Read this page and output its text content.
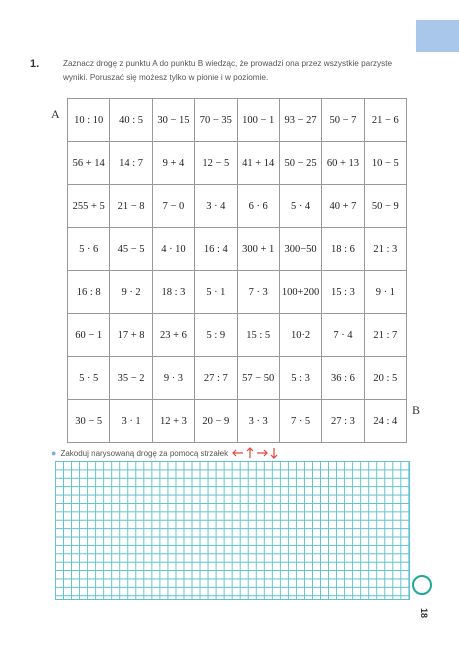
1.	Zaznacz drogę z punktu A do punktu B wiedząc, że prowadzi ona przez wszystkie parzyste wyniki. Poruszać się możesz tylko w pionie i w poziomie.
A
B
10 : 10	40 : 5	30 − 15	70 − 35	100 − 1	93 − 27	50 − 7	21 − 6
56 + 14	14 : 7	9 + 4	12 − 5	41 + 14	50 − 25	60 + 13	10 − 5
255 + 5	21 − 8	7 − 0	3 · 4	6 · 6	5 · 4	40 + 7	50 − 9
5 · 6	45 − 5	4 · 10	16 : 4	300 + 1	300−50	18 : 6	21 : 3
16 : 8	9 · 2	18 : 3	5 · 1	7 · 3	100+200	15 : 3	9 · 1
60 − 1	17 + 8	23 + 6	5 : 9	15 : 5	10·2	7 · 4	21 : 7
5 · 5	35 − 2	9 · 3	27 : 7	57 − 50	5 : 3	36 : 6	20 : 5
30 − 5	3 · 1	12 + 3	20 − 9	3 · 3	7 · 5	27 : 3	24 : 4
● Zakoduj narysowaną drogę za pomocą strzałek
18
